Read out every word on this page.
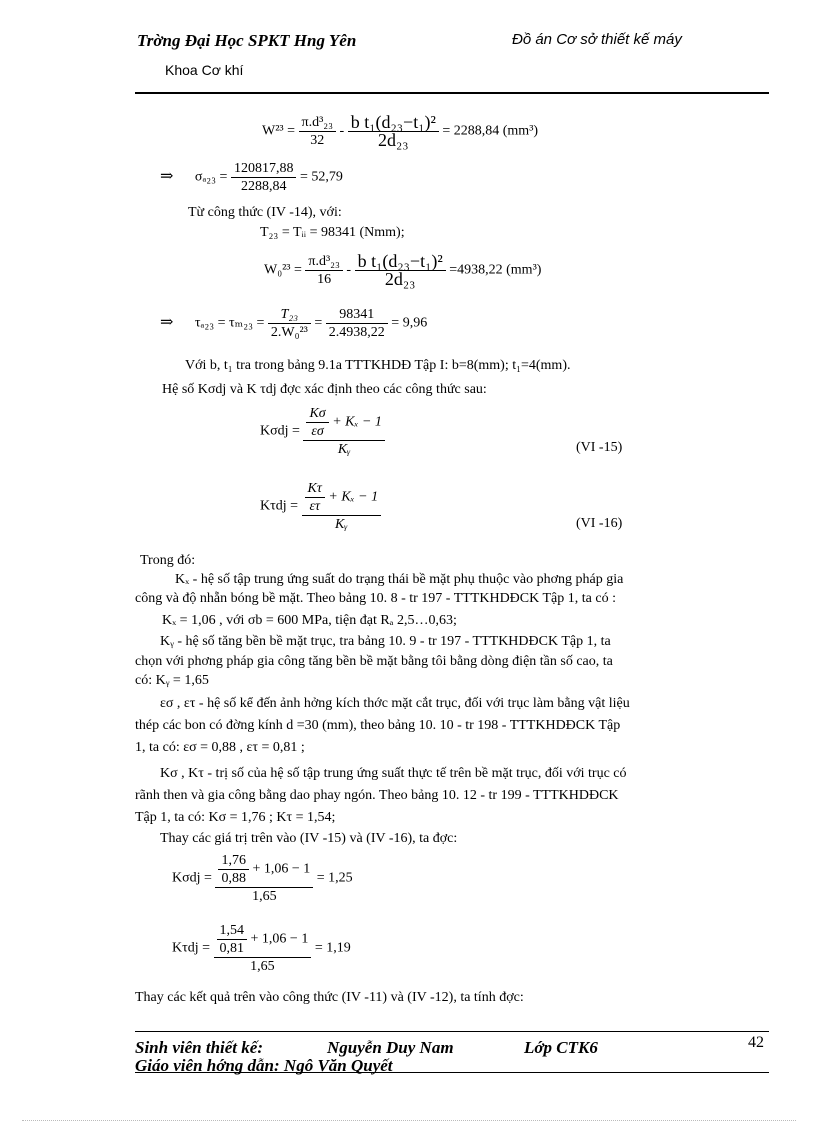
Trờng Đại Học SPKT Hng Yên	Đồ án Cơ sở thiết kế máy
Khoa Cơ khí
$W^{23} = \frac{\text{π.d³₂₃}}{32} - \frac{\text{b t₁(d₂₃−t₁)²}}{\text{2d₂₃}} = 2288,84$ (mm³)
⇒ $\sigma_{a23} = \frac{120817,88}{2288,84} = 52,79$
Từ công thức (IV -14), với:
T₂₃ = Tᵢᵢ = 98341 (Nmm);
$W_0^{23} = \frac{\text{π.d³₂₃}}{16} - \frac{\text{b t₁(d₂₃−t₁)²}}{\text{2d₂₃}} =4938,22$ (mm³)
⇒ $\tau_{a23} = \tau_{m23} = \frac{\text{T₂₃}}{\text{2.W₀²³}} = \frac{98341}{2.4938,22} = 9,96$
Với b, t₁ tra trong bảng 9.1a TTTKHDĐ Tập I: b=8(mm); t₁=4(mm).
Hệ số Kσdj và K τdj đợc xác định theo các công thức sau:
$K\sigma dj = \frac{\frac{K\sigma}{\varepsilon\sigma} + K_x - 1}{\text{Kᵧ}}$	(VI -15)
$K\tau dj = \frac{\frac{K\tau}{\varepsilon\tau} + K_x - 1}{\text{Kᵧ}}$	(VI -16)
Trong đó:
Kₓ - hệ số tập trung ứng suất do trạng thái bề mặt phụ thuộc vào phơng pháp gia
công và độ nhẵn bóng bề mặt. Theo bảng 10. 8 - tr 197 - TTTKHDĐCK Tập 1, ta có :
Kₓ = 1,06 , với σb = 600 MPa, tiện đạt Rₐ 2,5…0,63;
Kᵧ - hệ số tăng bền bề mặt trục, tra bảng 10. 9 - tr 197 - TTTKHDĐCK Tập 1, ta
chọn với phơng pháp gia công tăng bền bề mặt bằng tôi bằng dòng điện tần số cao, ta
có: Kᵧ = 1,65
εσ , ετ - hệ số kể đến ảnh hởng kích thớc mặt cắt trục, đối với trục làm bằng vật liệu
thép các bon có đờng kính d =30 (mm), theo bảng 10. 10 - tr 198 - TTTKHDĐCK Tập
1, ta có: εσ = 0,88 , ετ = 0,81 ;
Kσ , Kτ - trị số của hệ số tập trung ứng suất thực tế trên bề mặt trục, đối với trục có
rãnh then và gia công bằng dao phay ngón. Theo bảng 10. 12 - tr 199 - TTTKHDĐCK
Tập 1, ta có: Kσ = 1,76 ; Kτ = 1,54;
Thay các giá trị trên vào (IV -15) và (IV -16), ta đợc:
$K\sigma dj = \frac{\frac{1,76}{0,88} + 1,06 - 1}{1,65} = 1,25$
$K\tau dj = \frac{\frac{1,54}{0,81} + 1,06 - 1}{1,65} = 1,19$
Thay các kết quả trên vào công thức (IV -11) và (IV -12), ta tính đợc:
Sinh viên thiết kế:	Nguyễn Duy Nam	Lớp CTK6	42
Giáo viên hớng dẫn: Ngô Văn Quyết
